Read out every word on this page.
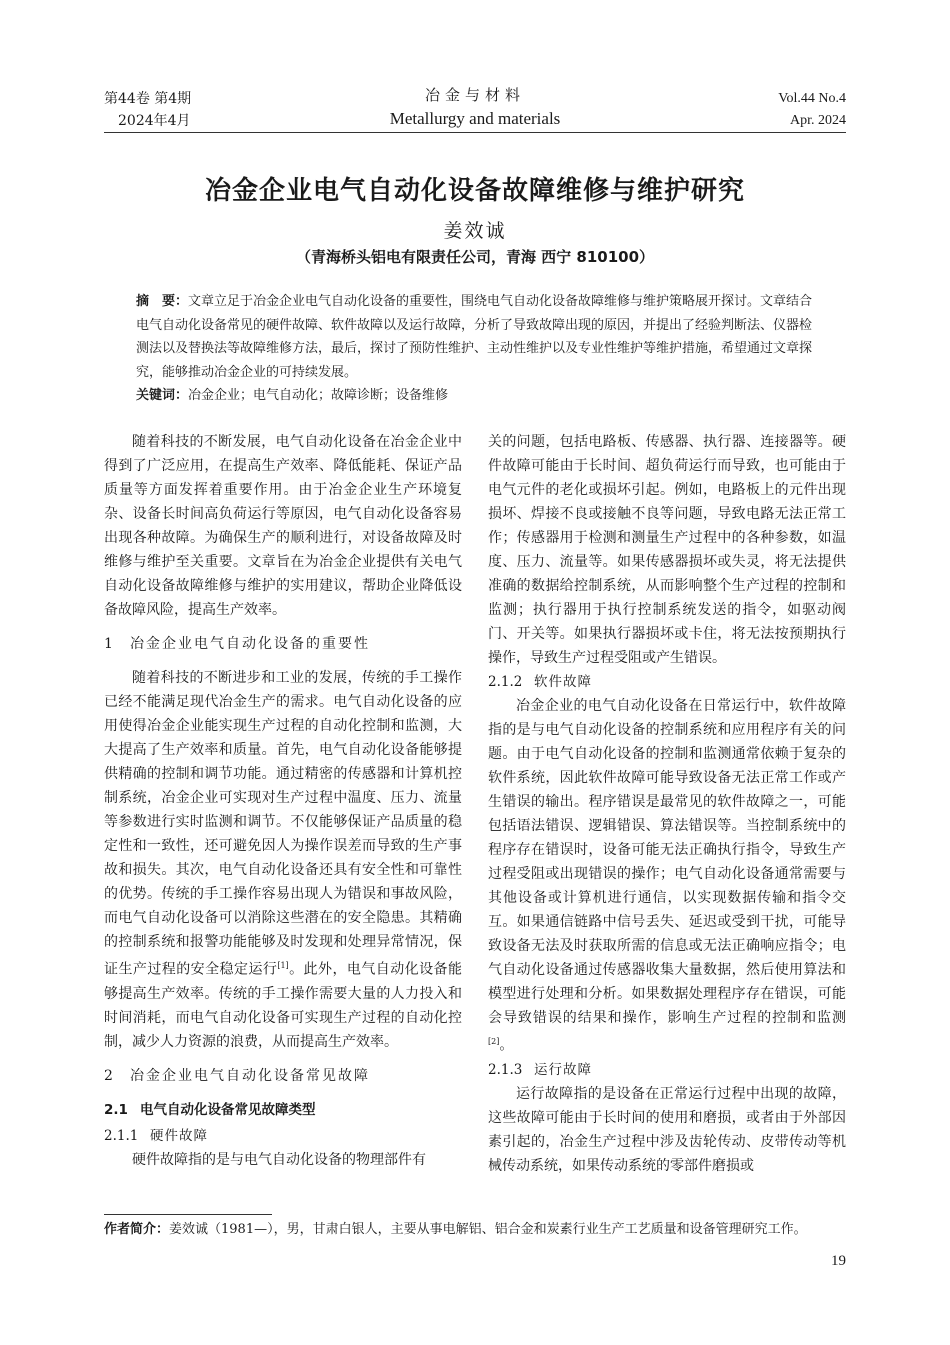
第44卷 第4期
2024年4月
冶金与材料
Metallurgy and materials
Vol.44 No.4
Apr. 2024
冶金企业电气自动化设备故障维修与维护研究
姜效诚
（青海桥头铝电有限责任公司，青海 西宁 810100）
摘　要：文章立足于冶金企业电气自动化设备的重要性，围绕电气自动化设备故障维修与维护策略展开探讨。文章结合电气自动化设备常见的硬件故障、软件故障以及运行故障，分析了导致故障出现的原因，并提出了经验判断法、仪器检测法以及替换法等故障维修方法，最后，探讨了预防性维护、主动性维护以及专业性维护等维护措施，希望通过文章探究，能够推动冶金企业的可持续发展。
关键词：冶金企业；电气自动化；故障诊断；设备维修

随着科技的不断发展，电气自动化设备在冶金企业中得到了广泛应用，在提高生产效率、降低能耗、保证产品质量等方面发挥着重要作用。由于冶金企业生产环境复杂、设备长时间高负荷运行等原因，电气自动化设备容易出现各种故障。为确保生产的顺利进行，对设备故障及时维修与维护至关重要。文章旨在为冶金企业提供有关电气自动化设备故障维修与维护的实用建议，帮助企业降低设备故障风险，提高生产效率。

1 冶金企业电气自动化设备的重要性

随着科技的不断进步和工业的发展，传统的手工操作已经不能满足现代冶金生产的需求。电气自动化设备的应用使得冶金企业能实现生产过程的自动化控制和监测，大大提高了生产效率和质量。首先，电气自动化设备能够提供精确的控制和调节功能。通过精密的传感器和计算机控制系统，冶金企业可实现对生产过程中温度、压力、流量等参数进行实时监测和调节。不仅能够保证产品质量的稳定性和一致性，还可避免因人为操作误差而导致的生产事故和损失。其次，电气自动化设备还具有安全性和可靠性的优势。传统的手工操作容易出现人为错误和事故风险，而电气自动化设备可以消除这些潜在的安全隐患。其精确的控制系统和报警功能能够及时发现和处理异常情况，保证生产过程的安全稳定运行[1]。此外，电气自动化设备能够提高生产效率。传统的手工操作需要大量的人力投入和时间消耗，而电气自动化设备可实现生产过程的自动化控制，减少人力资源的浪费，从而提高生产效率。

2 冶金企业电气自动化设备常见故障
2.1 电气自动化设备常见故障类型
2.1.1 硬件故障

硬件故障指的是与电气自动化设备的物理部件有

关的问题，包括电路板、传感器、执行器、连接器等。硬件故障可能由于长时间、超负荷运行而导致，也可能由于电气元件的老化或损坏引起。例如，电路板上的元件出现损坏、焊接不良或接触不良等问题，导致电路无法正常工作；传感器用于检测和测量生产过程中的各种参数，如温度、压力、流量等。如果传感器损坏或失灵，将无法提供准确的数据给控制系统，从而影响整个生产过程的控制和监测；执行器用于执行控制系统发送的指令，如驱动阀门、开关等。如果执行器损坏或卡住，将无法按预期执行操作，导致生产过程受阻或产生错误。

2.1.2 软件故障

冶金企业的电气自动化设备在日常运行中，软件故障指的是与电气自动化设备的控制系统和应用程序有关的问题。由于电气自动化设备的控制和监测通常依赖于复杂的软件系统，因此软件故障可能导致设备无法正常工作或产生错误的输出。程序错误是最常见的软件故障之一，可能包括语法错误、逻辑错误、算法错误等。当控制系统中的程序存在错误时，设备可能无法正确执行指令，导致生产过程受阻或出现错误的操作；电气自动化设备通常需要与其他设备或计算机进行通信，以实现数据传输和指令交互。如果通信链路中信号丢失、延迟或受到干扰，可能导致设备无法及时获取所需的信息或无法正确响应指令；电气自动化设备通过传感器收集大量数据，然后使用算法和模型进行处理和分析。如果数据处理程序存在错误，可能会导致错误的结果和操作，影响生产过程的控制和监测[2]。

2.1.3 运行故障

运行故障指的是设备在正常运行过程中出现的故障，这些故障可能由于长时间的使用和磨损，或者由于外部因素引起的，冶金生产过程中涉及齿轮传动、皮带传动等机械传动系统，如果传动系统的零部件磨损或

作者简介：姜效诚（1981—），男，甘肃白银人，主要从事电解铝、铝合金和炭素行业生产工艺质量和设备管理研究工作。
19
